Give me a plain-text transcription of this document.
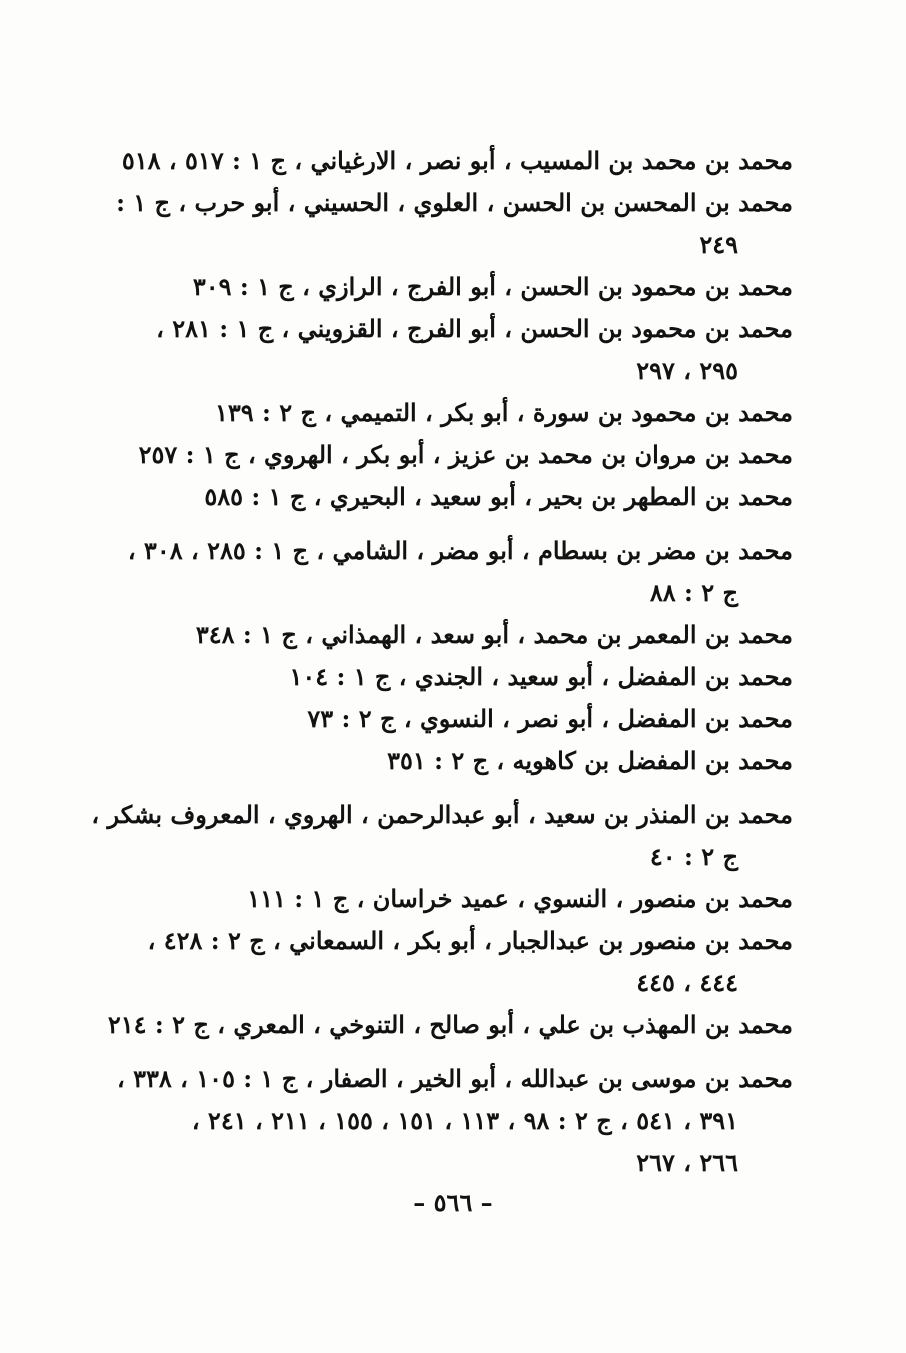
محمد بن محمد بن المسيب ، أبو نصر ، الارغياني ، ج ١ : ٥١٧ ، ٥١٨
محمد بن المحسن بن الحسن ، العلوي ، الحسيني ، أبو حرب ، ج ١ :
٢٤٩
محمد بن محمود بن الحسن ، أبو الفرج ، الرازي ، ج ١ : ٣٠٩
محمد بن محمود بن الحسن ، أبو الفرج ، القزويني ، ج ١ : ٢٨١ ،
٢٩٥ ، ٢٩٧
محمد بن محمود بن سورة ، أبو بكر ، التميمي ، ج ٢ : ١٣٩
محمد بن مروان بن محمد بن عزيز ، أبو بكر ، الهروي ، ج ١ : ٢٥٧
محمد بن المطهر بن بحير ، أبو سعيد ، البحيري ، ج ١ : ٥٨٥
محمد بن مضر بن بسطام ، أبو مضر ، الشامي ، ج ١ : ٢٨٥ ، ٣٠٨ ،
ج ٢ : ٨٨
محمد بن المعمر بن محمد ، أبو سعد ، الهمذاني ، ج ١ : ٣٤٨
محمد بن المفضل ، أبو سعيد ، الجندي ، ج ١ : ١٠٤
محمد بن المفضل ، أبو نصر ، النسوي ، ج ٢ : ٧٣
محمد بن المفضل بن كاهويه ، ج ٢ : ٣٥١
محمد بن المنذر بن سعيد ، أبو عبدالرحمن ، الهروي ، المعروف بشكر ،
ج ٢ : ٤٠
محمد بن منصور ، النسوي ، عميد خراسان ، ج ١ : ١١١
محمد بن منصور بن عبدالجبار ، أبو بكر ، السمعاني ، ج ٢ : ٤٢٨ ،
٤٤٤ ، ٤٤٥
محمد بن المهذب بن علي ، أبو صالح ، التنوخي ، المعري ، ج ٢ : ٢١٤
محمد بن موسى بن عبدالله ، أبو الخير ، الصفار ، ج ١ : ١٠٥ ، ٣٣٨ ،
٣٩١ ، ٥٤١ ، ج ٢ : ٩٨ ، ١١٣ ، ١٥١ ، ١٥٥ ، ٢١١ ، ٢٤١ ،
٢٦٦ ، ٢٦٧
– ٥٦٦ –
